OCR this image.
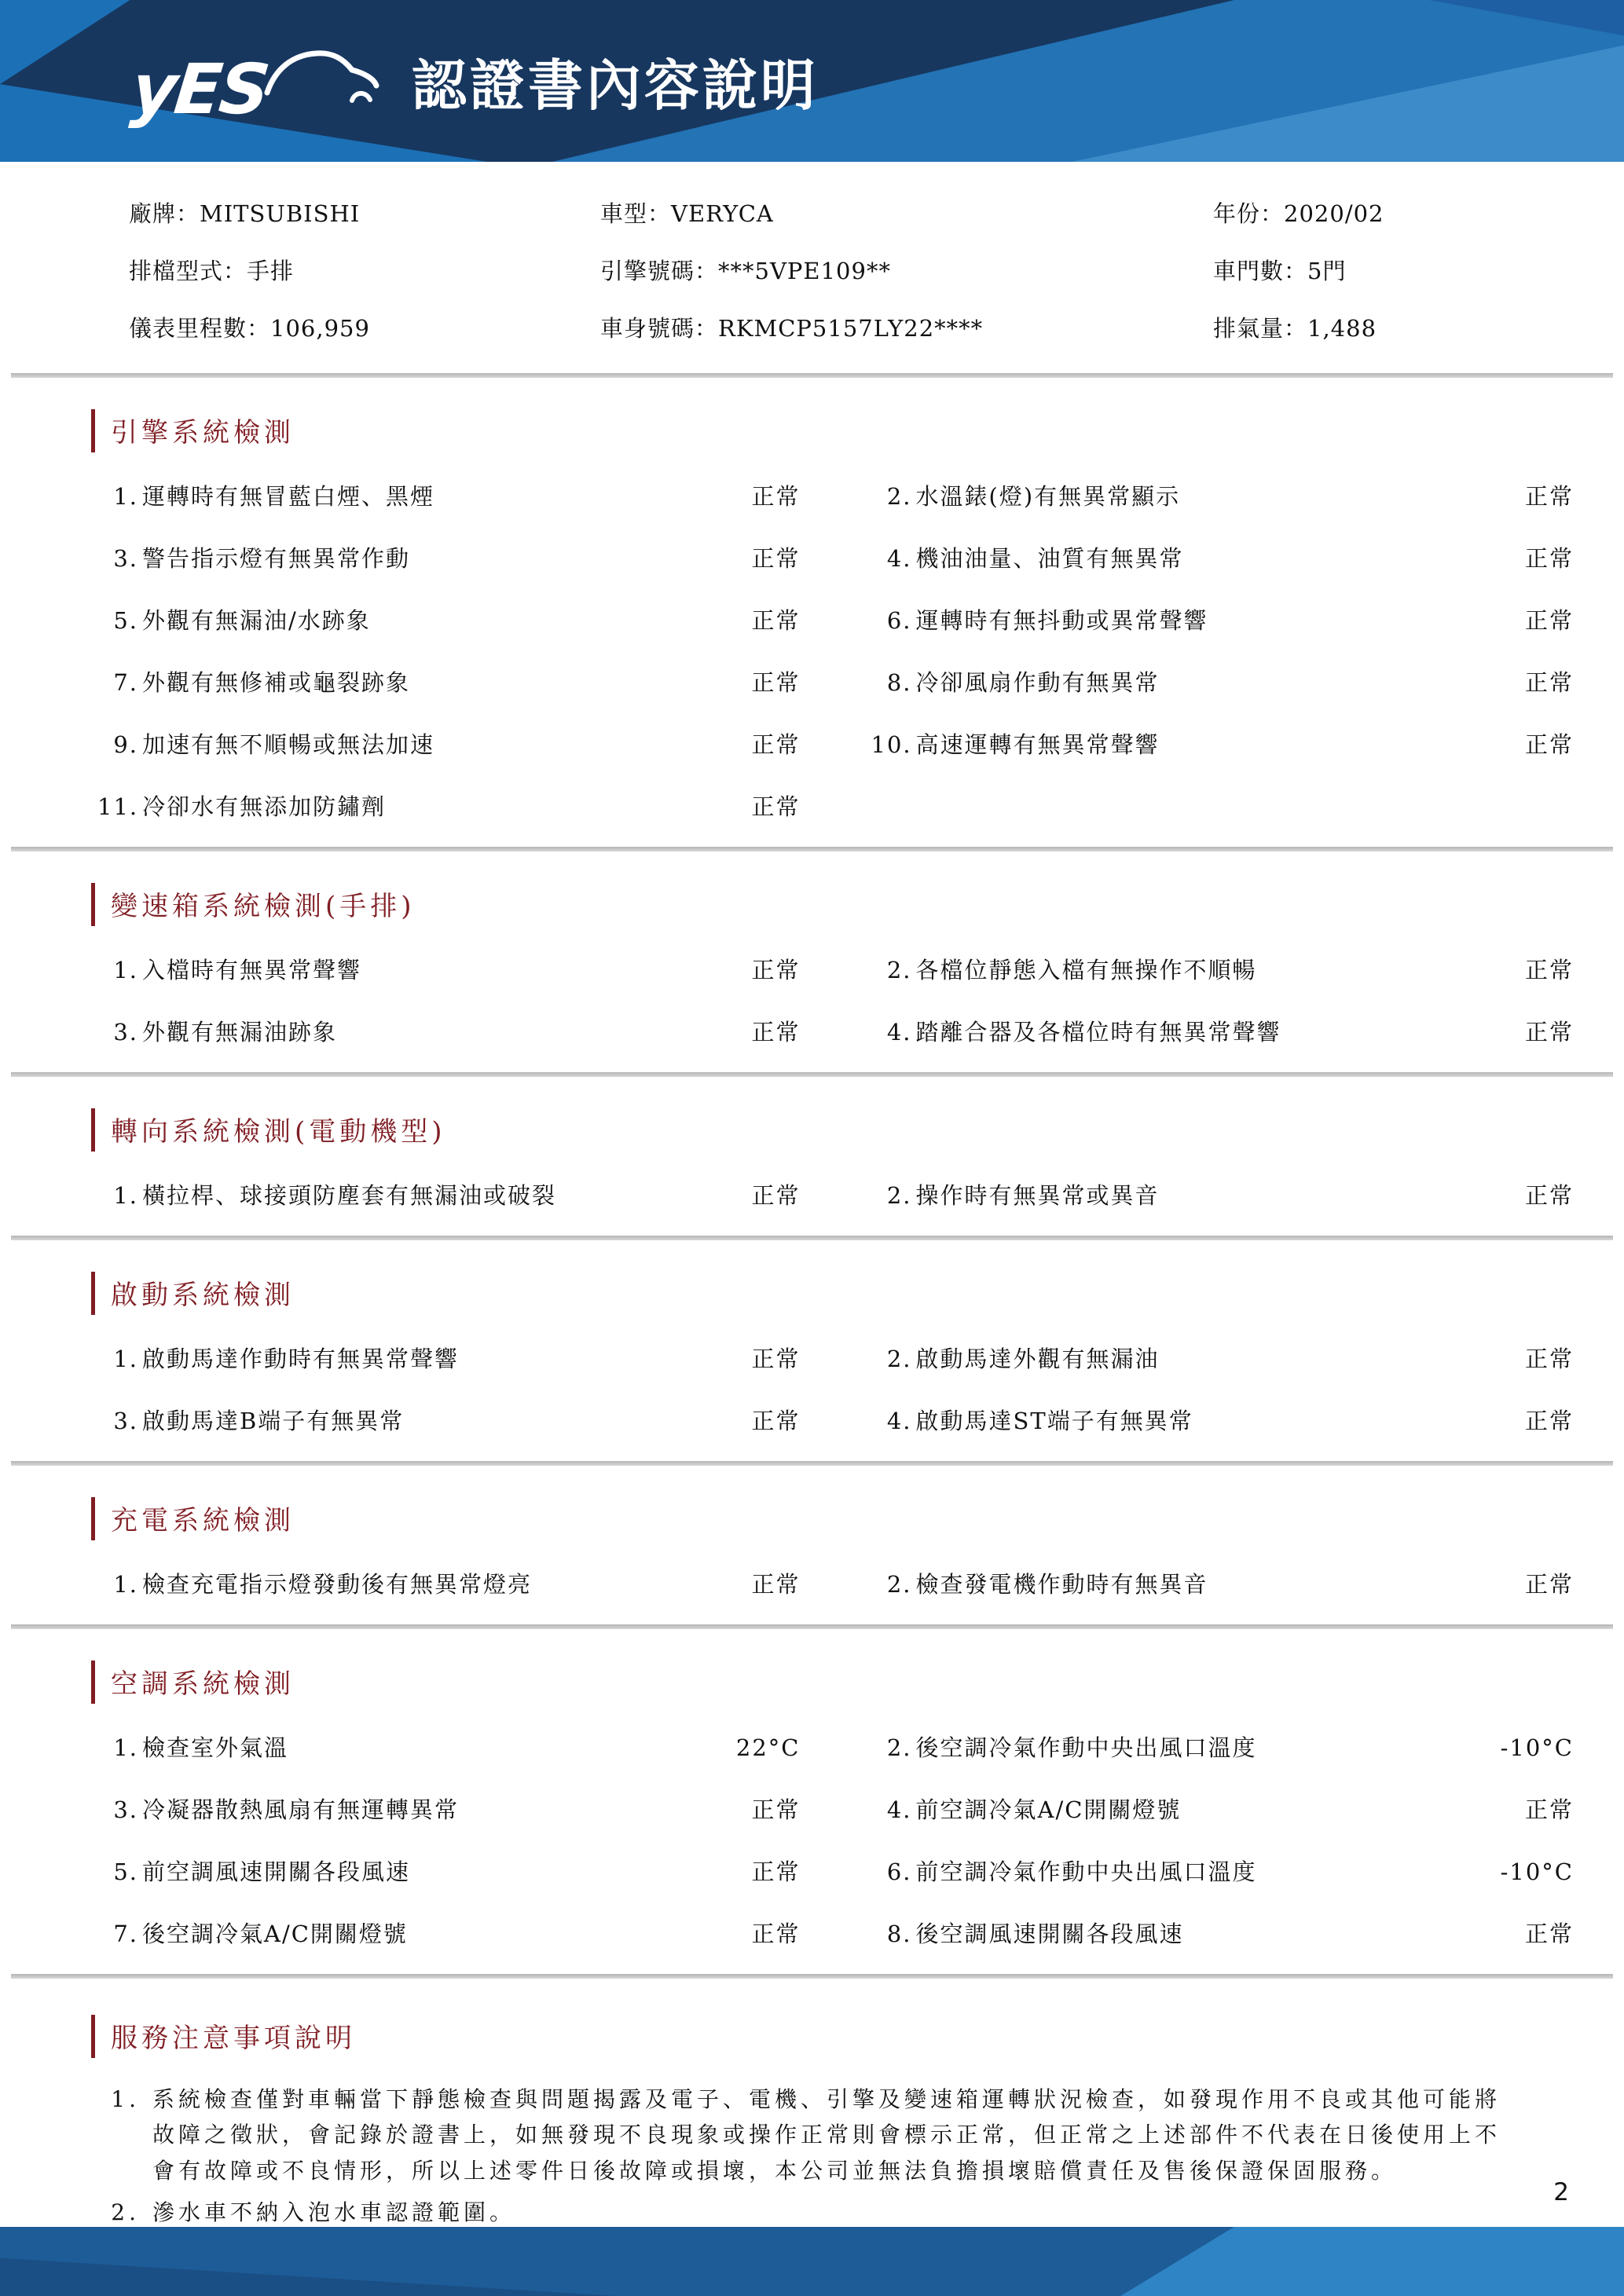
yES	認證書內容說明
廠牌：MITSUBISHI	車型：VERYCA	年份：2020/02
排檔型式：手排	引擎號碼：***5VPE109**	車門數：5門
儀表里程數：106,959	車身號碼：RKMCP5157LY22****	排氣量：1,488
引擎系統檢測
1. 運轉時有無冒藍白煙、黑煙	正常	2. 水溫錶(燈)有無異常顯示	正常
3. 警告指示燈有無異常作動	正常	4. 機油油量、油質有無異常	正常
5. 外觀有無漏油/水跡象	正常	6. 運轉時有無抖動或異常聲響	正常
7. 外觀有無修補或龜裂跡象	正常	8. 冷卻風扇作動有無異常	正常
9. 加速有無不順暢或無法加速	正常	10. 高速運轉有無異常聲響	正常
11. 冷卻水有無添加防鏽劑	正常
變速箱系統檢測(手排)
1. 入檔時有無異常聲響	正常	2. 各檔位靜態入檔有無操作不順暢	正常
3. 外觀有無漏油跡象	正常	4. 踏離合器及各檔位時有無異常聲響	正常
轉向系統檢測(電動機型)
1. 橫拉桿、球接頭防塵套有無漏油或破裂	正常	2. 操作時有無異常或異音	正常
啟動系統檢測
1. 啟動馬達作動時有無異常聲響	正常	2. 啟動馬達外觀有無漏油	正常
3. 啟動馬達B端子有無異常	正常	4. 啟動馬達ST端子有無異常	正常
充電系統檢測
1. 檢查充電指示燈發動後有無異常燈亮	正常	2. 檢查發電機作動時有無異音	正常
空調系統檢測
1. 檢查室外氣溫	22°C	2. 後空調冷氣作動中央出風口溫度	-10°C
3. 冷凝器散熱風扇有無運轉異常	正常	4. 前空調冷氣A/C開關燈號	正常
5. 前空調風速開關各段風速	正常	6. 前空調冷氣作動中央出風口溫度	-10°C
7. 後空調冷氣A/C開關燈號	正常	8. 後空調風速開關各段風速	正常
服務注意事項說明
1. 系統檢查僅對車輛當下靜態檢查與問題揭露及電子、電機、引擎及變速箱運轉狀況檢查，如發現作用不良或其他可能將故障之徵狀，會記錄於證書上，如無發現不良現象或操作正常則會標示正常，但正常之上述部件不代表在日後使用上不會有故障或不良情形，所以上述零件日後故障或損壞，本公司並無法負擔損壞賠償責任及售後保證保固服務。
2. 滲水車不納入泡水車認證範圍。
2
